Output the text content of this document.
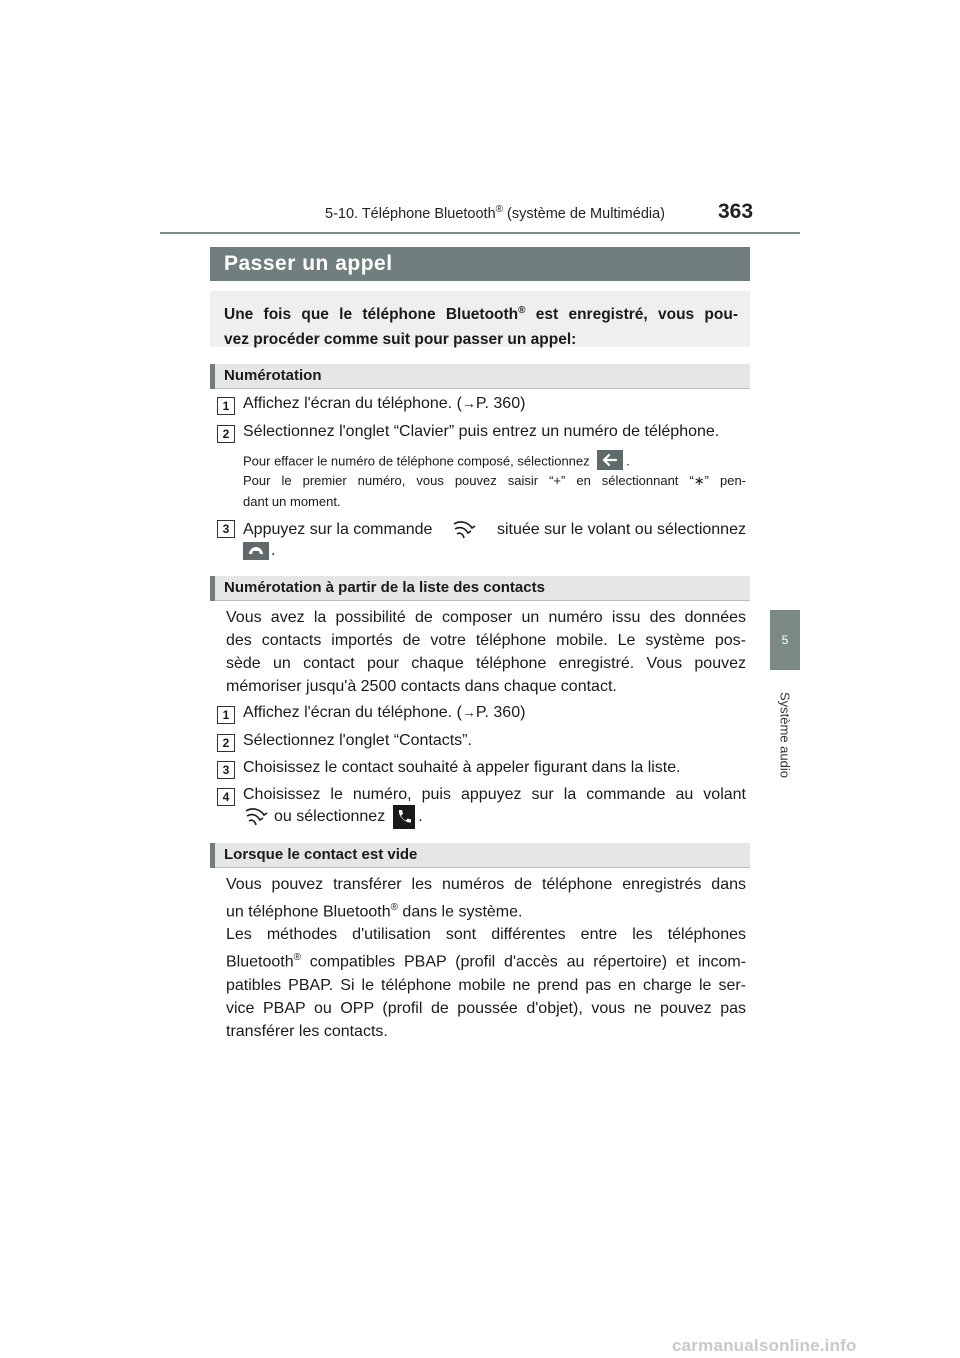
5-10. Téléphone Bluetooth® (système de Multimédia)	363
5
Système audio
Passer un appel

Une fois que le téléphone Bluetooth® est enregistré, vous pou-
vez procéder comme suit pour passer un appel:

Numérotation
1 Affichez l'écran du téléphone. (→P. 360)
2 Sélectionnez l'onglet “Clavier” puis entrez un numéro de téléphone.
Pour effacer le numéro de téléphone composé, sélectionnez	.
Pour le premier numéro, vous pouvez saisir “+” en sélectionnant “∗” pen-
dant un moment.
3 Appuyez sur la commande	située sur le volant ou sélectionnez
.
Numérotation à partir de la liste des contacts
Vous avez la possibilité de composer un numéro issu des données
des contacts importés de votre téléphone mobile. Le système pos-
sède un contact pour chaque téléphone enregistré. Vous pouvez
mémoriser jusqu'à 2500 contacts dans chaque contact.
1 Affichez l'écran du téléphone. (→P. 360)
2 Sélectionnez l'onglet “Contacts”.
3 Choisissez le contact souhaité à appeler figurant dans la liste.
4 Choisissez le numéro, puis appuyez sur la commande au volant
ou sélectionnez .
Lorsque le contact est vide
Vous pouvez transférer les numéros de téléphone enregistrés dans
un téléphone Bluetooth® dans le système.
Les méthodes d'utilisation sont différentes entre les téléphones
Bluetooth® compatibles PBAP (profil d'accès au répertoire) et incom-
patibles PBAP. Si le téléphone mobile ne prend pas en charge le ser-
vice PBAP ou OPP (profil de poussée d'objet), vous ne pouvez pas
transférer les contacts.
carmanualsonline.info
